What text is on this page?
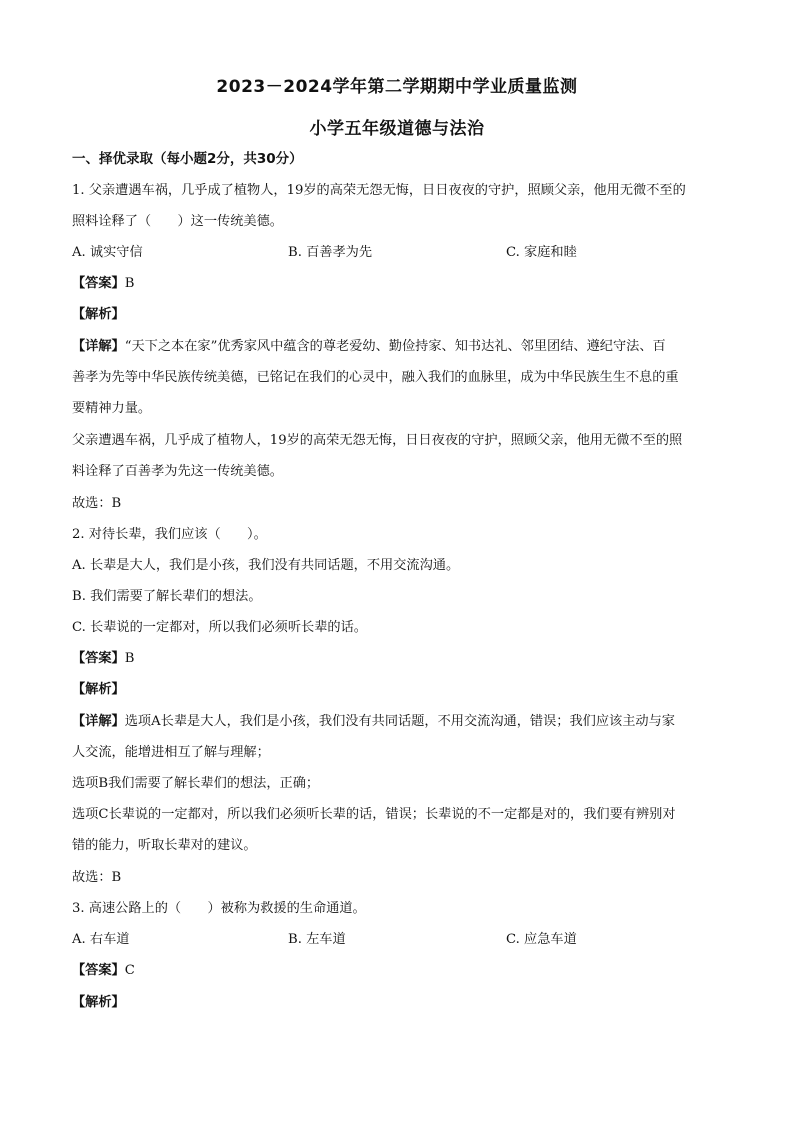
2023－2024学年第二学期期中学业质量监测
小学五年级道德与法治
一、择优录取（每小题2分，共30分）
1. 父亲遭遇车祸，几乎成了植物人，19岁的高荣无怨无悔，日日夜夜的守护，照顾父亲，他用无微不至的
照料诠释了（　　）这一传统美德。
A. 诚实守信	B. 百善孝为先	C. 家庭和睦
【答案】B
【解析】
【详解】“天下之本在家”优秀家风中蕴含的尊老爱幼、勤俭持家、知书达礼、邻里团结、遵纪守法、百
善孝为先等中华民族传统美德，已铭记在我们的心灵中，融入我们的血脉里，成为中华民族生生不息的重
要精神力量。
父亲遭遇车祸，几乎成了植物人，19岁的高荣无怨无悔，日日夜夜的守护，照顾父亲，他用无微不至的照
料诠释了百善孝为先这一传统美德。
故选：B
2. 对待长辈，我们应该（　　）。
A. 长辈是大人，我们是小孩，我们没有共同话题，不用交流沟通。
B. 我们需要了解长辈们的想法。
C. 长辈说的一定都对，所以我们必须听长辈的话。
【答案】B
【解析】
【详解】选项A长辈是大人，我们是小孩，我们没有共同话题，不用交流沟通，错误；我们应该主动与家
人交流，能增进相互了解与理解；
选项B我们需要了解长辈们的想法，正确；
选项C长辈说的一定都对，所以我们必须听长辈的话，错误；长辈说的不一定都是对的，我们要有辨别对
错的能力，听取长辈对的建议。
故选：B
3. 高速公路上的（　　）被称为救援的生命通道。
A. 右车道	B. 左车道	C. 应急车道
【答案】C
【解析】
